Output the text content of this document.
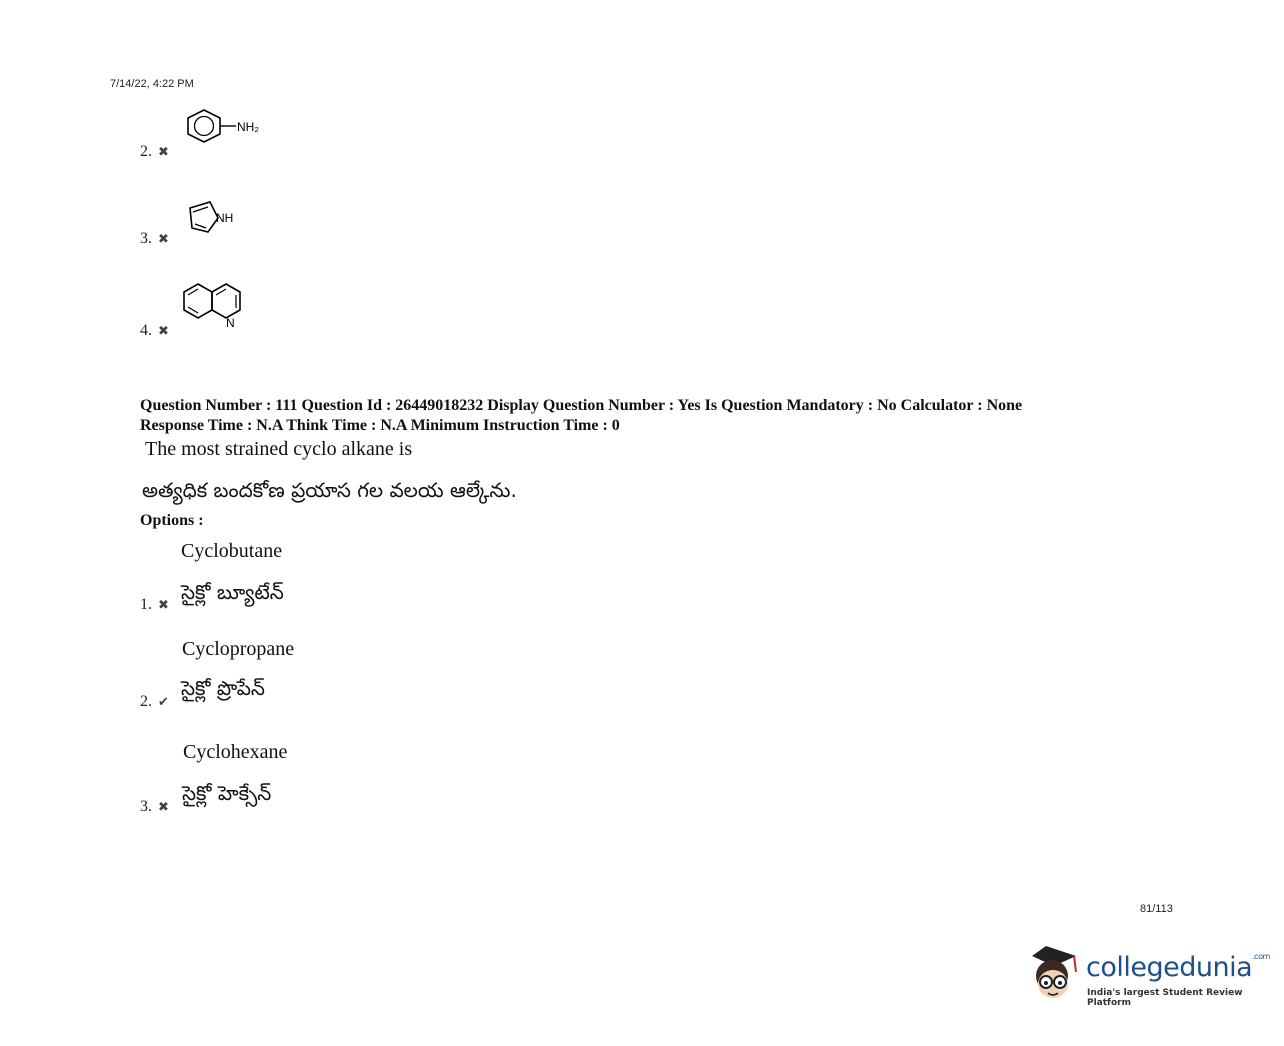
7/14/22, 4:22 PM
2. ✖
NH₂
3. ✖
NH
4. ✖	N
Question Number : 111 Question Id : 26449018232 Display Question Number : Yes Is Question Mandatory : No Calculator : None
Response Time : N.A Think Time : N.A Minimum Instruction Time : 0
The most strained cyclo alkane is
అత్యధిక బందకోణ ప్రయాస గల వలయ ఆల్కేను.
Options :
Cyclobutane
1. ✖
సైక్లో బ్యూటేన్
Cyclopropane
2. ✔
సైక్లో ప్రొపేన్
Cyclohexane
3. ✖
సైక్లో హెక్సేన్
81/113
collegedunia$^{.com}$
India's largest Student Review Platform
